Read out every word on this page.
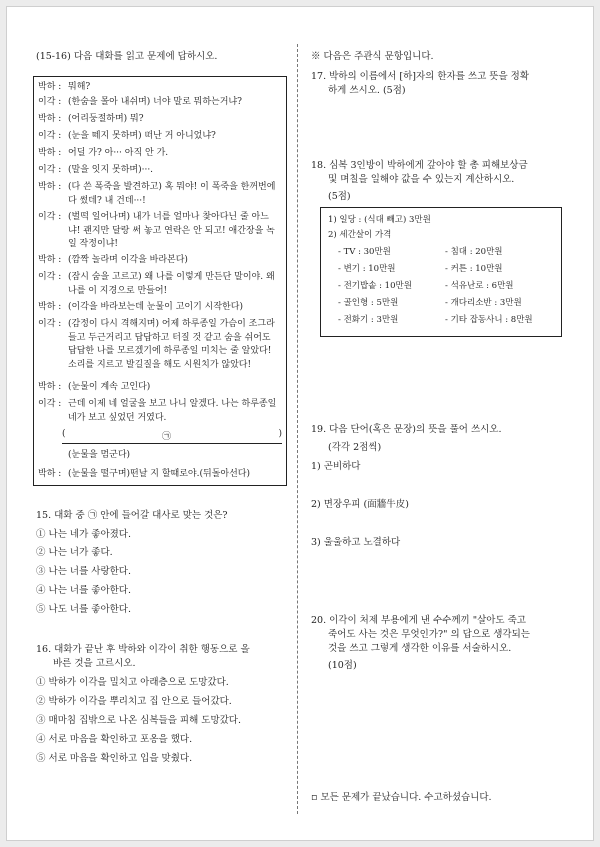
(15-16) 다음 대화를 읽고 문제에 답하시오.
박하 : 뭐해?
이각 : (한숨을 몰아 내쉬며) 너야 말로 뭐하는거냐?
박하 : (어리둥절하며) 뭐?
이각 : (눈을 떼지 못하며) 떠난 거 아니었냐?
박하 : 어딜 가? 아··· 아직 안 가.
이각 : (말을 잇지 못하며)···.
박하 : (다 쓴 폭죽을 발견하고) 혹 뭐야! 이 폭죽을 한꺼번에 다 썼데? 내 건데···!
이각 : (벌떡 일어나며) 내가 너를 얼마나 찾아다닌 줄 아느냐! 괜지만 달랑 써 놓고 연락은 안 되고! 애간장을 녹일 작정이냐!
박하 : (깜짝 놀라며 이각을 바라본다)
이각 : (잠시 숨을 고르고) 왜 나를 이렇게 만든단 말이야. 왜 나를 이 지경으로 만들어!
박하 : (이각을 바라보는데 눈물이 고이기 시작한다)
이각 : (감정이 다시 격해지며) 어제 하루종일 가슴이 조그라들고 두근거리고 답답하고 터질 것 같고 숨을 쉬어도 답답한 나를 모르겠기에 하루종일 미치는 줄 알았다! 소리를 지르고 발길질을 해도 시원치가 않았다!
박하 : (눈물이 계속 고인다)
이각 : 근데 이제 네 얼굴을 보고 나니 알겠다. 나는 하루종일 네가 보고 싶었던 거였다.
(	㉠	)
(눈물을 멈군다)
박하 : (눈물을 떨구며)떤날 지 할때로야.(뒤돌아선다)
15. 대화 중 ㉠ 안에 들어갈 대사로 맞는 것은?
① 나는 네가 좋아졌다.
② 나는 너가 좋다.
③ 나는 너를 사랑한다.
④ 나는 너를 좋아한다.
⑤ 나도 너를 좋아한다.
16. 대화가 끝난 후 박하와 이각이 취한 행동으로 올
바른 것을 고르시오.
① 박하가 이각을 밀치고 아래층으로 도망갔다.
② 박하가 이각을 뿌리치고 집 안으로 들어갔다.
③ 매마침 집밖으로 나온 심복들을 피해 도망갔다.
④ 서로 마음을 확인하고 포옹을 했다.
⑤ 서로 마음을 확인하고 입을 맞췄다.
※ 다음은 주관식 문항입니다.
17. 박하의 이름에서 [하]자의 한자를 쓰고 뜻을 정확
하게 쓰시오. (5점)
18. 심복 3인방이 박하에게 갚아야 할 총 피해보상금
및 며칠을 일해야 값을 수 있는지 계산하시오.
(5점)
1) 일당 : (식대 빼고) 3만원
2) 세간살이 가격
- TV : 30만원
- 변기 : 10만원
- 전기밥솥 : 10만원
- 골인형 : 5만원
- 전화기 : 3만원
- 침대 : 20만원
- 커튼 : 10만원
- 석유난로 : 6만원
- 개다리소반 : 3만원
- 기타 잡동사니 : 8만원
19. 다음 단어(혹은 문장)의 뜻을 풀어 쓰시오.
(각각 2점씩)
1) 곤비하다
2) 면장우피 (面牆牛皮)
3) 울울하고 노결하다
20. 이각이 처제 부용에게 낸 수수께끼 "살아도 죽고
죽어도 사는 것은 무엇인가?" 의 답으로 생각되는
것을 쓰고 그렇게 생각한 이유를 서술하시오.
(10점)
▫ 모든 문제가 끝났습니다. 수고하셨습니다.
